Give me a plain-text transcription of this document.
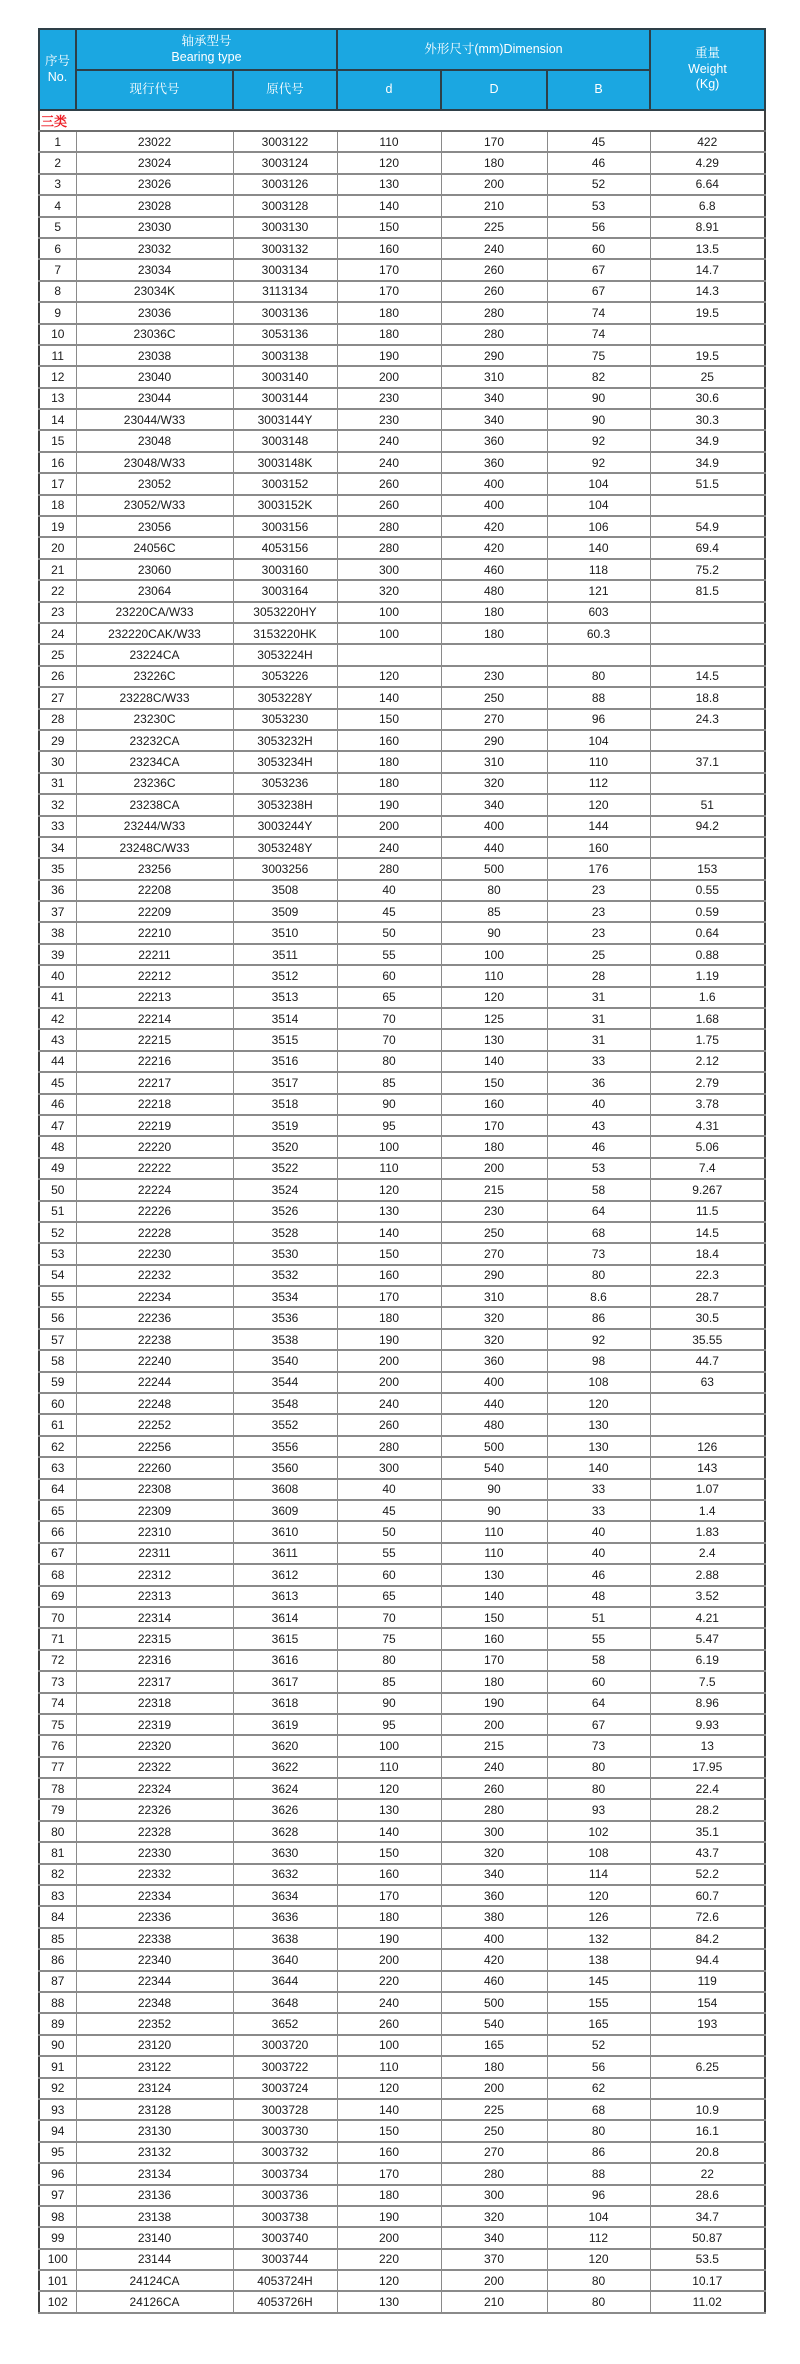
序号
No.	轴承型号
Bearing type		外形尺寸(mm)Dimension			重量
Weight
(Kg)

	现行代号	原代号	d	D	B	
三类						
1	23022	3003122	110	170	45	422
2	23024	3003124	120	180	46	4.29
3	23026	3003126	130	200	52	6.64
4	23028	3003128	140	210	53	6.8
5	23030	3003130	150	225	56	8.91
6	23032	3003132	160	240	60	13.5
7	23034	3003134	170	260	67	14.7
8	23034K	3113134	170	260	67	14.3
9	23036	3003136	180	280	74	19.5
10	23036C	3053136	180	280	74	
11	23038	3003138	190	290	75	19.5
12	23040	3003140	200	310	82	25
13	23044	3003144	230	340	90	30.6
14	23044/W33	3003144Y	230	340	90	30.3
15	23048	3003148	240	360	92	34.9
16	23048/W33	3003148K	240	360	92	34.9
17	23052	3003152	260	400	104	51.5
18	23052/W33	3003152K	260	400	104	
19	23056	3003156	280	420	106	54.9
20	24056C	4053156	280	420	140	69.4
21	23060	3003160	300	460	118	75.2
22	23064	3003164	320	480	121	81.5
23	23220CA/W33	3053220HY	100	180	603	
24	232220CAK/W33	3153220HK	100	180	60.3	
25	23224CA	3053224H				
26	23226C	3053226	120	230	80	14.5
27	23228C/W33	3053228Y	140	250	88	18.8
28	23230C	3053230	150	270	96	24.3
29	23232CA	3053232H	160	290	104	
30	23234CA	3053234H	180	310	110	37.1
31	23236C	3053236	180	320	112	
32	23238CA	3053238H	190	340	120	51
33	23244/W33	3003244Y	200	400	144	94.2
34	23248C/W33	3053248Y	240	440	160	
35	23256	3003256	280	500	176	153
36	22208	3508	40	80	23	0.55
37	22209	3509	45	85	23	0.59
38	22210	3510	50	90	23	0.64
39	22211	3511	55	100	25	0.88
40	22212	3512	60	110	28	1.19
41	22213	3513	65	120	31	1.6
42	22214	3514	70	125	31	1.68
43	22215	3515	70	130	31	1.75
44	22216	3516	80	140	33	2.12
45	22217	3517	85	150	36	2.79
46	22218	3518	90	160	40	3.78
47	22219	3519	95	170	43	4.31
48	22220	3520	100	180	46	5.06
49	22222	3522	110	200	53	7.4
50	22224	3524	120	215	58	9.267
51	22226	3526	130	230	64	11.5
52	22228	3528	140	250	68	14.5
53	22230	3530	150	270	73	18.4
54	22232	3532	160	290	80	22.3
55	22234	3534	170	310	8.6	28.7
56	22236	3536	180	320	86	30.5
57	22238	3538	190	320	92	35.55
58	22240	3540	200	360	98	44.7
59	22244	3544	200	400	108	63
60	22248	3548	240	440	120	
61	22252	3552	260	480	130	
62	22256	3556	280	500	130	126
63	22260	3560	300	540	140	143
64	22308	3608	40	90	33	1.07
65	22309	3609	45	90	33	1.4
66	22310	3610	50	110	40	1.83
67	22311	3611	55	110	40	2.4
68	22312	3612	60	130	46	2.88
69	22313	3613	65	140	48	3.52
70	22314	3614	70	150	51	4.21
71	22315	3615	75	160	55	5.47
72	22316	3616	80	170	58	6.19
73	22317	3617	85	180	60	7.5
74	22318	3618	90	190	64	8.96
75	22319	3619	95	200	67	9.93
76	22320	3620	100	215	73	13
77	22322	3622	110	240	80	17.95
78	22324	3624	120	260	80	22.4
79	22326	3626	130	280	93	28.2
80	22328	3628	140	300	102	35.1
81	22330	3630	150	320	108	43.7
82	22332	3632	160	340	114	52.2
83	22334	3634	170	360	120	60.7
84	22336	3636	180	380	126	72.6
85	22338	3638	190	400	132	84.2
86	22340	3640	200	420	138	94.4
87	22344	3644	220	460	145	119
88	22348	3648	240	500	155	154
89	22352	3652	260	540	165	193
90	23120	3003720	100	165	52	
91	23122	3003722	110	180	56	6.25
92	23124	3003724	120	200	62	
93	23128	3003728	140	225	68	10.9
94	23130	3003730	150	250	80	16.1
95	23132	3003732	160	270	86	20.8
96	23134	3003734	170	280	88	22
97	23136	3003736	180	300	96	28.6
98	23138	3003738	190	320	104	34.7
99	23140	3003740	200	340	112	50.87
100	23144	3003744	220	370	120	53.5
101	24124CA	4053724H	120	200	80	10.17
102	24126CA	4053726H	130	210	80	11.02
